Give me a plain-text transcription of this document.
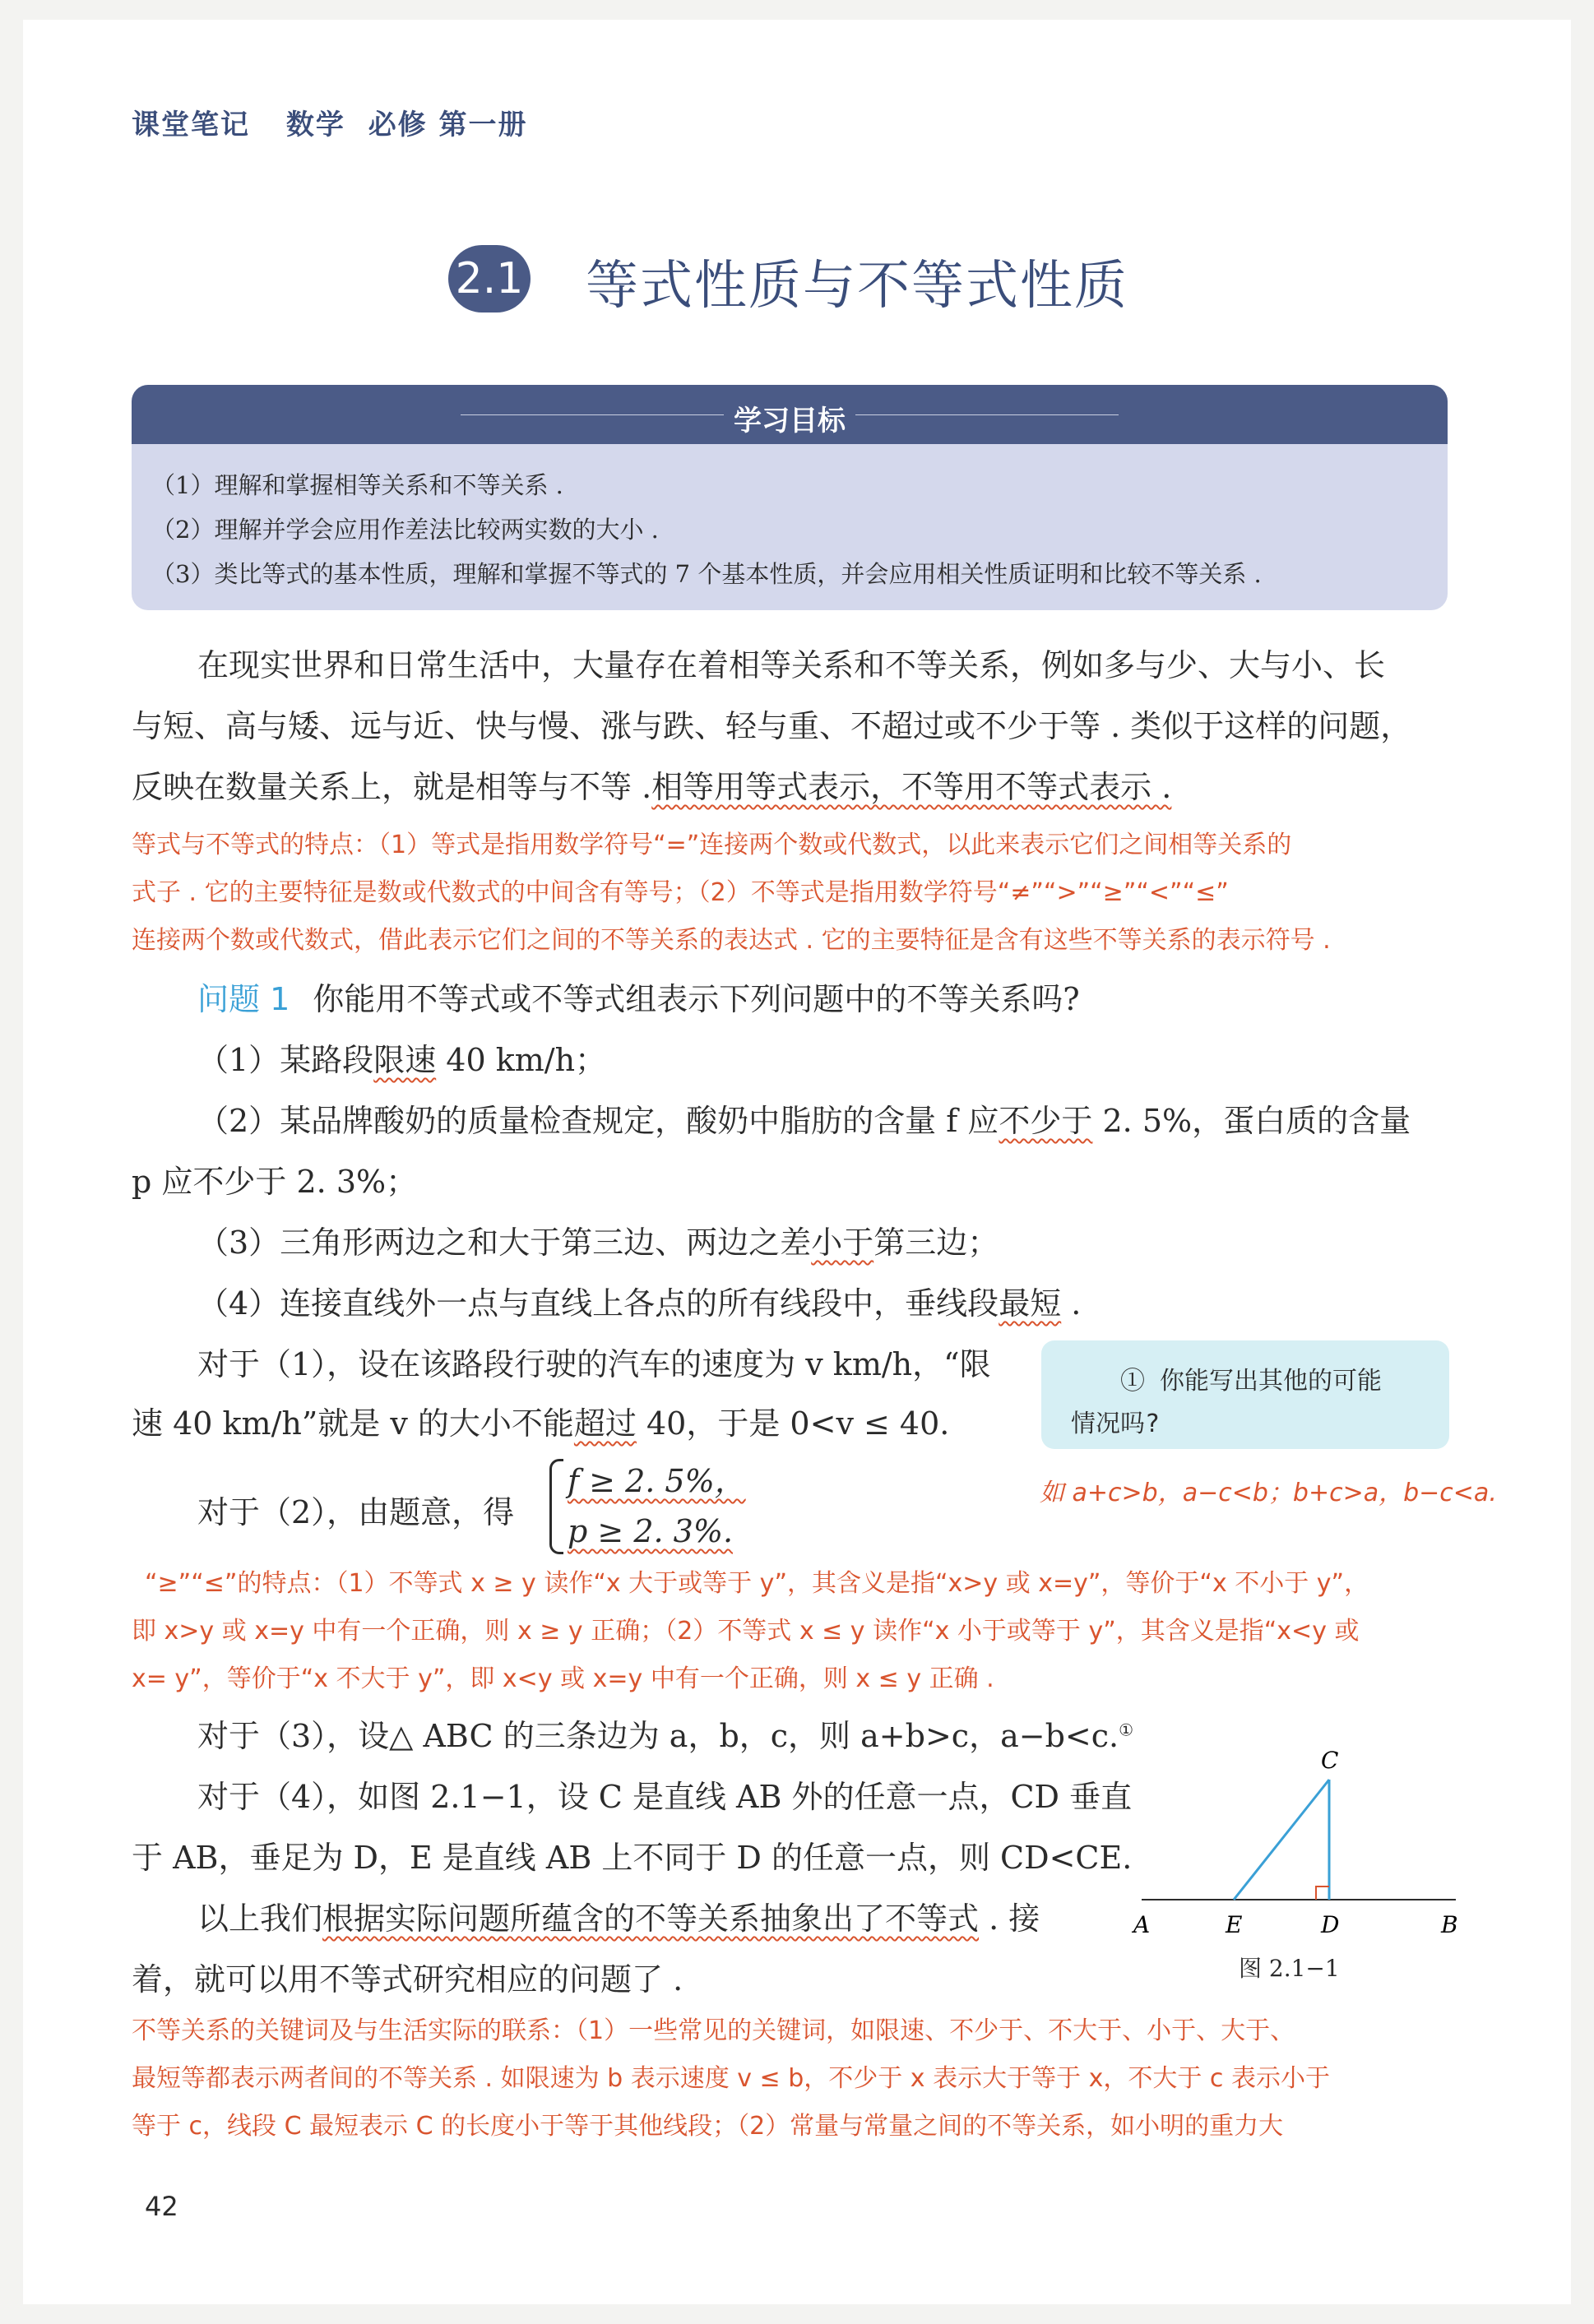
课堂笔记 数学 必修 第一册
2.1 等式性质与不等式性质
学习目标
（1）理解和掌握相等关系和不等关系 .
（2）理解并学会应用作差法比较两实数的大小 .
（3）类比等式的基本性质，理解和掌握不等式的 7 个基本性质，并会应用相关性质证明和比较不等关系 .
在现实世界和日常生活中，大量存在着相等关系和不等关系，例如多与少、大与小、长
与短、高与矮、远与近、快与慢、涨与跌、轻与重、不超过或不少于等 . 类似于这样的问题，
反映在数量关系上，就是相等与不等 .相等用等式表示，不等用不等式表示 .
等式与不等式的特点：（1）等式是指用数学符号“=”连接两个数或代数式，以此来表示它们之间相等关系的
式子 . 它的主要特征是数或代数式的中间含有等号；（2）不等式是指用数学符号“≠”“>”“≥”“<”“≤”
连接两个数或代数式，借此表示它们之间的不等关系的表达式 . 它的主要特征是含有这些不等关系的表示符号 .
问题 1 你能用不等式或不等式组表示下列问题中的不等关系吗?
（1）某路段限速 40 km/h；
（2）某品牌酸奶的质量检查规定，酸奶中脂肪的含量 f 应不少于 2. 5%，蛋白质的含量
p 应不少于 2. 3%；
（3）三角形两边之和大于第三边、两边之差小于第三边；
（4）连接直线外一点与直线上各点的所有线段中，垂线段最短 .
对于（1），设在该路段行驶的汽车的速度为 v km/h，“限
速 40 km/h”就是 v 的大小不能超过 40，于是 0<v ≤ 40.
① 你能写出其他的可能
情况吗?
如 a+c>b，a−c<b；b+c>a，b−c<a.
对于（2），由题意，得
f ≥ 2. 5%，
p ≥ 2. 3%.
“≥”“≤”的特点：（1）不等式 x ≥ y 读作“x 大于或等于 y”，其含义是指“x>y 或 x=y”，等价于“x 不小于 y”，
即 x>y 或 x=y 中有一个正确，则 x ≥ y 正确；（2）不等式 x ≤ y 读作“x 小于或等于 y”，其含义是指“x<y 或
x= y”，等价于“x 不大于 y”，即 x<y 或 x=y 中有一个正确，则 x ≤ y 正确 .
对于（3），设△ ABC 的三条边为 a，b，c，则 a+b>c，a−b<c.①
对于（4），如图 2.1−1，设 C 是直线 AB 外的任意一点，CD 垂直
于 AB，垂足为 D，E 是直线 AB 上不同于 D 的任意一点，则 CD<CE.
以上我们根据实际问题所蕴含的不等关系抽象出了不等式 . 接
着，就可以用不等式研究相应的问题了 .
A	E	D	B
C
图 2.1−1
不等关系的关键词及与生活实际的联系：（1）一些常见的关键词，如限速、不少于、不大于、小于、大于、
最短等都表示两者间的不等关系 . 如限速为 b 表示速度 v ≤ b，不少于 x 表示大于等于 x，不大于 c 表示小于
等于 c，线段 C 最短表示 C 的长度小于等于其他线段；（2）常量与常量之间的不等关系，如小明的重力大
42
